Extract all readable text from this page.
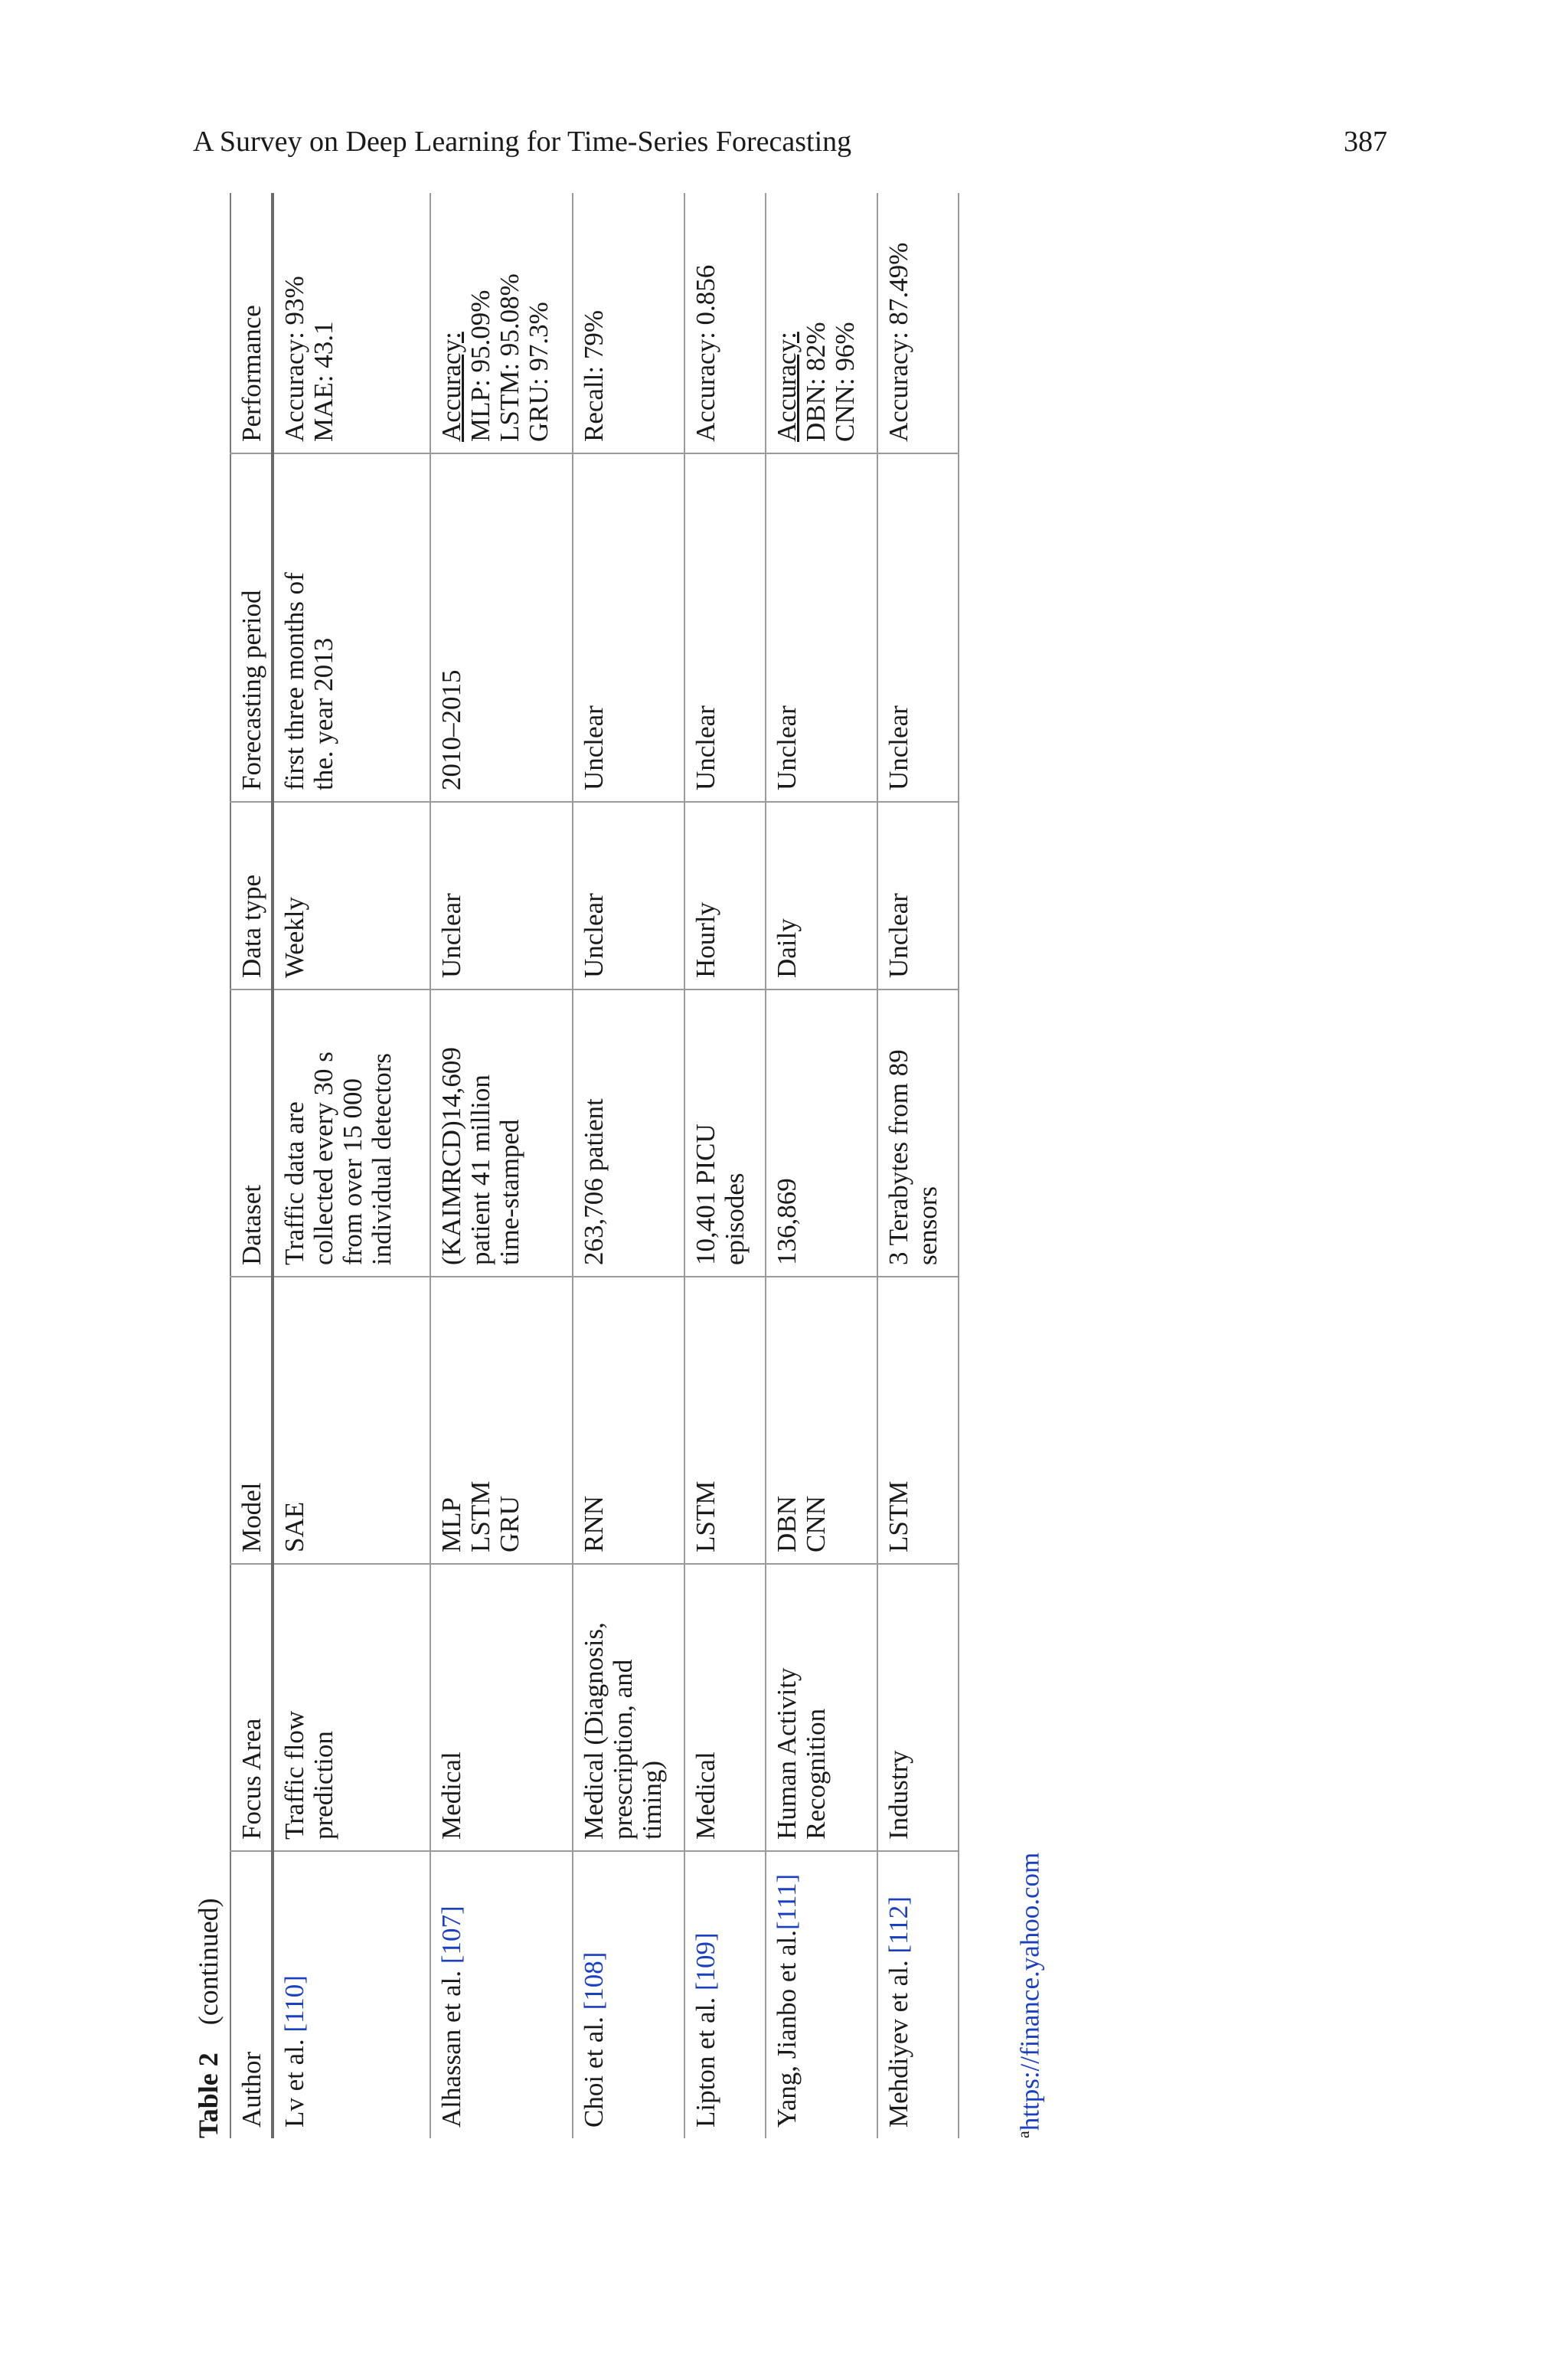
A Survey on Deep Learning for Time-Series Forecasting	387
Table 2    (continued)
Author	Focus Area	Model	Dataset	Data type	Forecasting period	Performance
Lv et al. [110]	Traffic flow prediction	SAE	Traffic data are collected every 30 s from over 15 000 individual detectors	Weekly	first three months of the. year 2013	Accuracy: 93% MAE: 43.1

Alhassan et al. [107]	Medical	MLP LSTM GRU	(KAIMRCD)14,609 patient 41 million time-stamped	Unclear	2010–2015	Accuracy: MLP: 95.09% LSTM: 95.08% GRU: 97.3%

Choi et al. [108]	Medical (Diagnosis, prescription, and timing)	RNN	263,706 patient	Unclear	Unclear	Recall: 79%

Lipton et al. [109]	Medical	LSTM	10,401 PICU episodes	Hourly	Unclear	Accuracy: 0.856

Yang, Jianbo et al.[111]	Human Activity Recognition	DBN CNN	136,869	Daily	Unclear	Accuracy: DBN: 82% CNN: 96%

Mehdiyev et al. [112]	Industry	LSTM	3 Terabytes from 89 sensors	Unclear	Unclear	Accuracy: 87.49%
$^a$https://finance.yahoo.com
